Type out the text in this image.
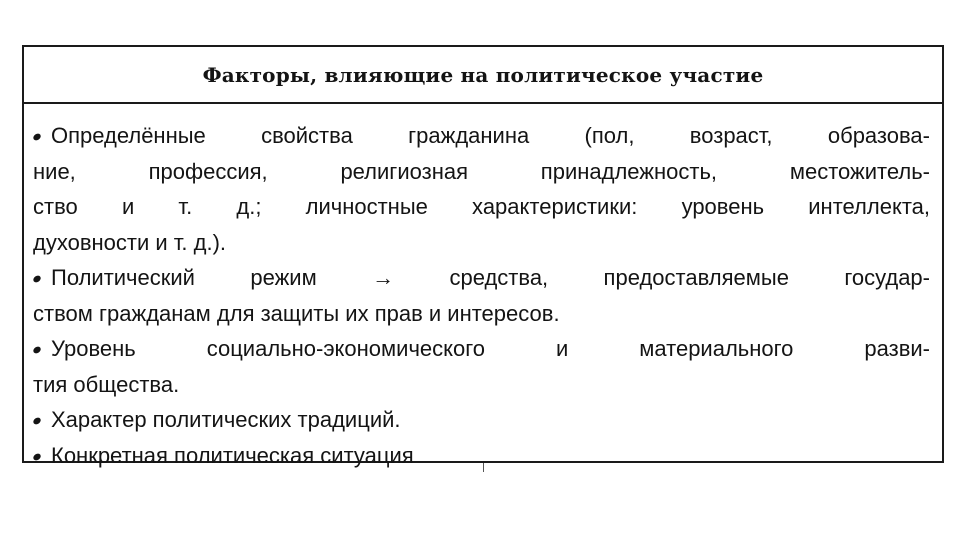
Факторы, влияющие на политическое участие
Определённые свойства гражданина (пол, возраст, образова-
ние, профессия, религиозная принадлежность, местожитель-
ство и т. д.; личностные характеристики: уровень интеллекта,
духовности и т. д.).
Политический режим → средства, предоставляемые государ-
ством гражданам для защиты их прав и интересов.
Уровень социально-экономического и материального разви-
тия общества.
Характер политических традиций.
Конкретная политическая ситуация
